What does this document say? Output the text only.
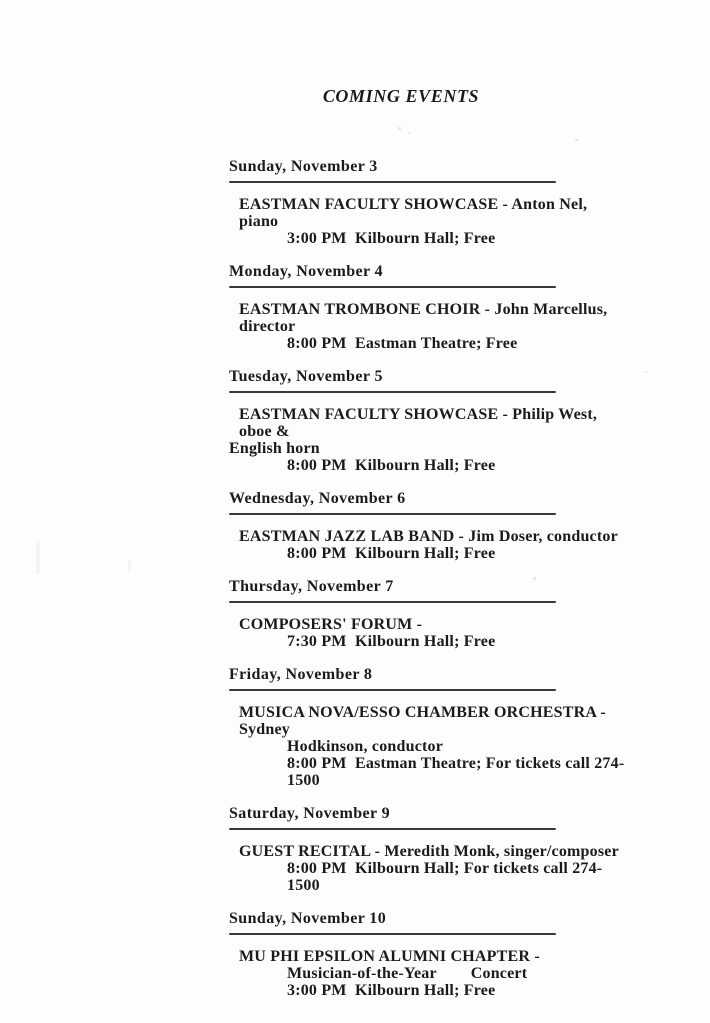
COMING EVENTS
Sunday, November 3
EASTMAN FACULTY SHOWCASE - Anton Nel, piano
3:00 PM  Kilbourn Hall; Free
Monday, November 4
EASTMAN TROMBONE CHOIR - John Marcellus, director
8:00 PM  Eastman Theatre; Free
Tuesday, November 5
EASTMAN FACULTY SHOWCASE - Philip West, oboe &
English horn
8:00 PM  Kilbourn Hall; Free
Wednesday, November 6
EASTMAN JAZZ LAB BAND - Jim Doser, conductor
8:00 PM  Kilbourn Hall; Free
Thursday, November 7
COMPOSERS' FORUM -
7:30 PM  Kilbourn Hall; Free
Friday, November 8
MUSICA NOVA/ESSO CHAMBER ORCHESTRA - Sydney
Hodkinson, conductor
8:00 PM  Eastman Theatre; For tickets call 274-1500
Saturday, November 9
GUEST RECITAL - Meredith Monk, singer/composer
8:00 PM  Kilbourn Hall; For tickets call 274-1500
Sunday, November 10
MU PHI EPSILON ALUMNI CHAPTER -
Musician-of-the-Year Concert
3:00 PM  Kilbourn Hall; Free
